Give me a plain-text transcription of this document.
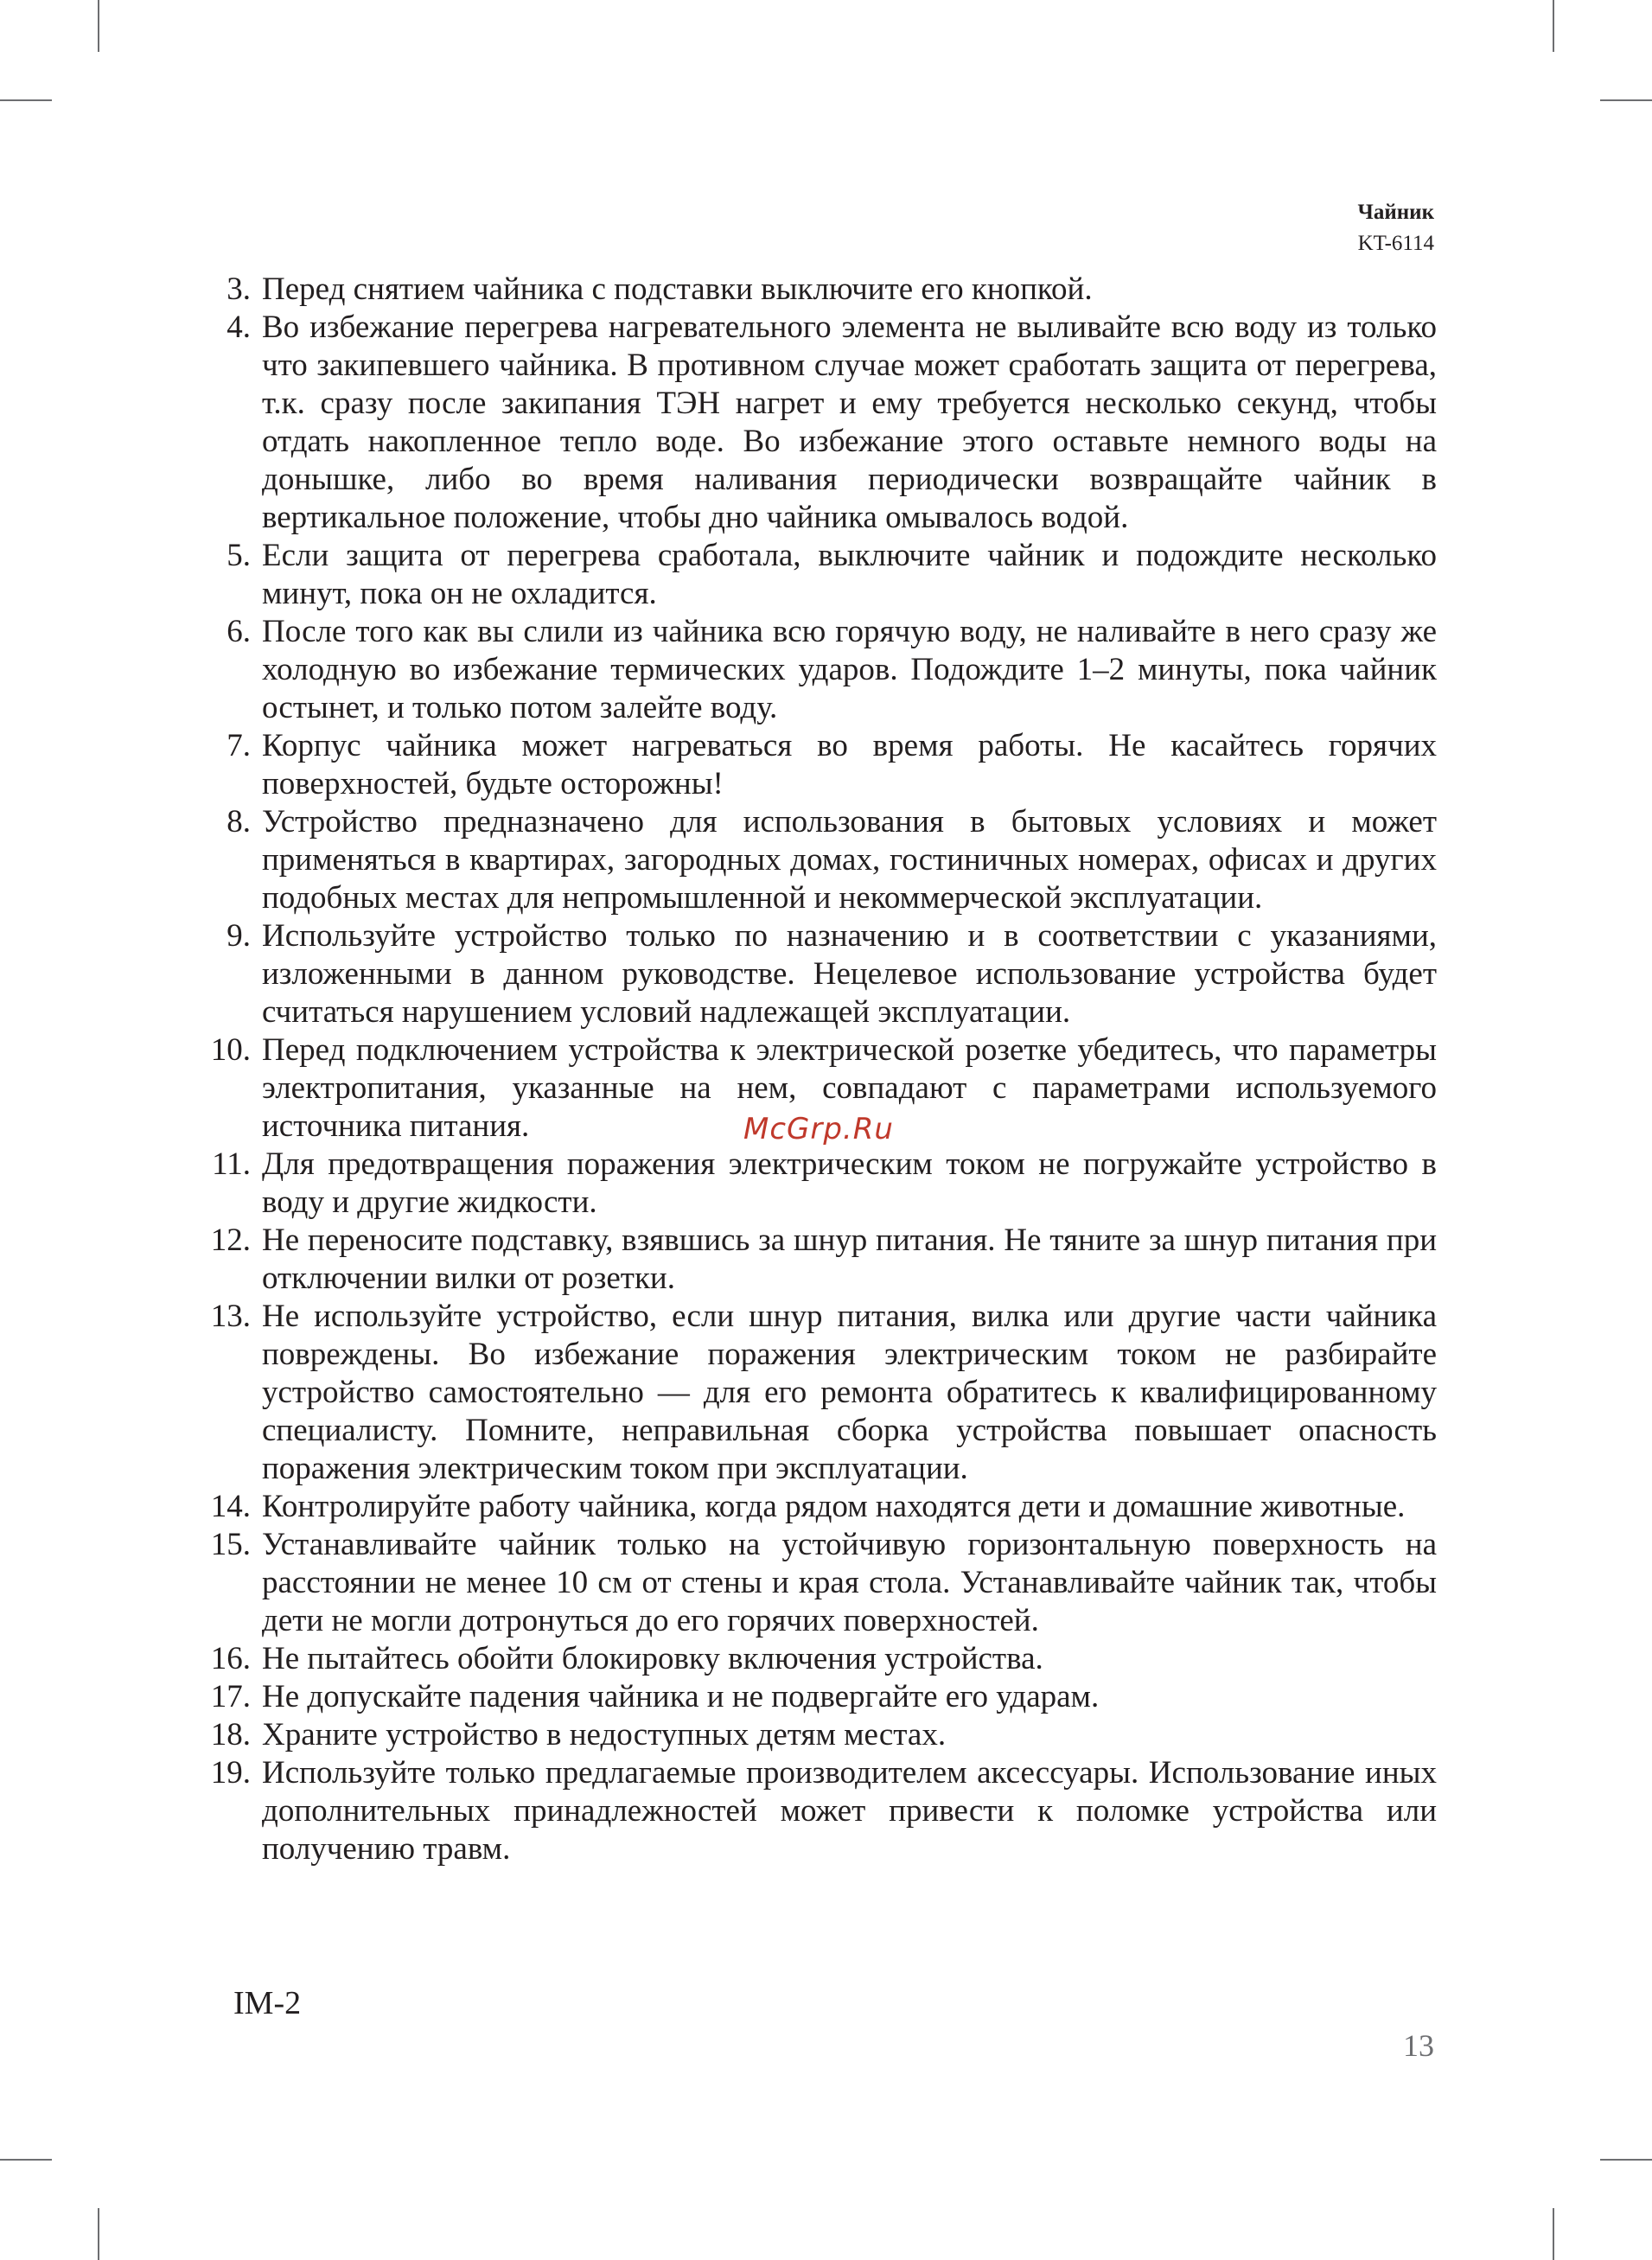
Чайник
KT-6114
3. Перед снятием чайника с подставки выключите его кнопкой.
4. Во избежание перегрева нагревательного элемента не выливайте всю воду из только что закипевшего чайника. В противном случае может сработать защита от перегрева, т.к. сразу после закипания ТЭН нагрет и ему требуется несколько секунд, чтобы отдать накопленное тепло воде. Во избежание этого оставьте немного воды на донышке, либо во время наливания периодически возвращайте чайник в вертикальное положение, чтобы дно чайника омывалось водой.
5. Если защита от перегрева сработала, выключите чайник и подождите несколько минут, пока он не охладится.
6. После того как вы слили из чайника всю горячую воду, не наливайте в него сразу же холодную во избежание термических ударов. Подождите 1–2 минуты, пока чайник остынет, и только потом залейте воду.
7. Корпус чайника может нагреваться во время работы. Не касайтесь горячих поверхностей, будьте осторожны!
8. Устройство предназначено для использования в бытовых условиях и может применяться в квартирах, загородных домах, гостиничных номерах, офисах и других подобных местах для непромышленной и некоммерческой эксплуатации.
9. Используйте устройство только по назначению и в соответствии с указаниями, изложенными в данном руководстве. Нецелевое использование устройства будет считаться нарушением условий надлежащей эксплуатации.
10. Перед подключением устройства к электрической розетке убедитесь, что параметры электропитания, указанные на нем, совпадают с параметрами используемого источника питания.
11. Для предотвращения поражения электрическим током не погружайте устройство в воду и другие жидкости.
12. Не переносите подставку, взявшись за шнур питания. Не тяните за шнур питания при отключении вилки от розетки.
13. Не используйте устройство, если шнур питания, вилка или другие части чайника повреждены. Во избежание поражения электрическим током не разбирайте устройство самостоятельно — для его ремонта обратитесь к квалифицированному специалисту. Помните, неправильная сборка устройства повышает опасность поражения электрическим током при эксплуатации.
14. Контролируйте работу чайника, когда рядом находятся дети и домашние животные.
15. Устанавливайте чайник только на устойчивую горизонтальную поверхность на расстоянии не менее 10 см от стены и края стола. Устанавливайте чайник так, чтобы дети не могли дотронуться до его горячих поверхностей.
16. Не пытайтесь обойти блокировку включения устройства.
17. Не допускайте падения чайника и не подвергайте его ударам.
18. Храните устройство в недоступных детям местах.
19. Используйте только предлагаемые производителем аксессуары. Использование иных дополнительных принадлежностей может привести к поломке устройства или получению травм.
McGrp.Ru
IM-2
13
